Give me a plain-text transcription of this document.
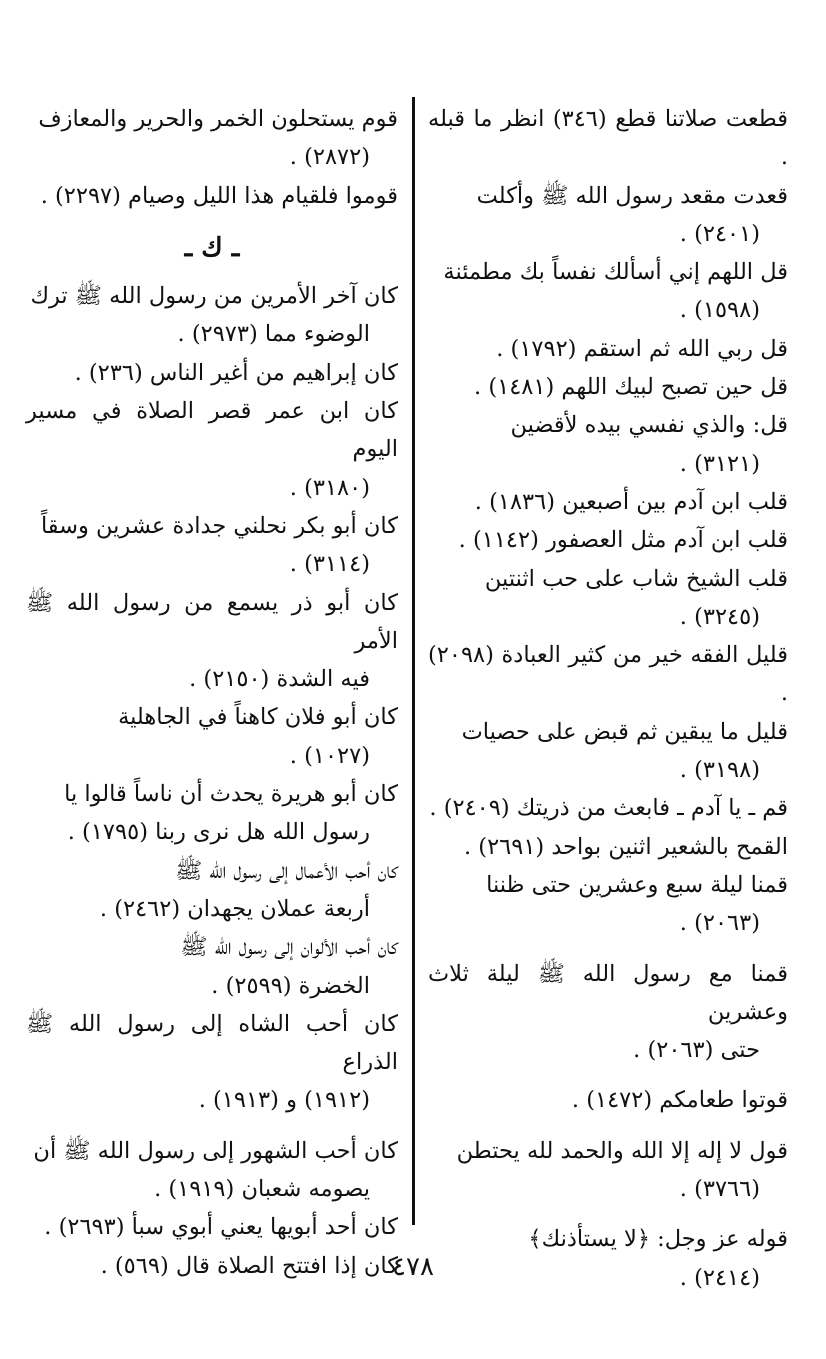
قطعت صلاتنا قطع (٣٤٦) انظر ما قبله .
قعدت مقعد رسول الله ﷺ وأكلت
(٢٤٠١) .
قل اللهم إني أسألك نفساً بك مطمئنة
(١٥٩٨) .
قل ربي الله ثم استقم (١٧٩٢) .
قل حين تصبح لبيك اللهم (١٤٨١) .
قل: والذي نفسي بيده لأقضين
(٣١٢١) .
قلب ابن آدم بين أصبعين (١٨٣٦) .
قلب ابن آدم مثل العصفور (١١٤٢) .
قلب الشيخ شاب على حب اثنتين
(٣٢٤٥) .
قليل الفقه خير من كثير العبادة (٢٠٩٨) .
قليل ما يبقين ثم قبض على حصيات
(٣١٩٨) .
قم ـ يا آدم ـ فابعث من ذريتك (٢٤٠٩) .
القمح بالشعير اثنين بواحد (٢٦٩١) .
قمنا ليلة سبع وعشرين حتى ظننا
(٢٠٦٣) .
قمنا مع رسول الله ﷺ ليلة ثلاث وعشرين
حتى (٢٠٦٣) .
قوتوا طعامكم (١٤٧٢) .
قول لا إله إلا الله والحمد لله يحتطن
(٣٧٦٦) .
قوله عز وجل: ﴿لا يستأذنك﴾
(٢٤١٤) .
قوم يستحلون الخمر والحرير والمعازف
(٢٨٧٢) .
قوموا فلقيام هذا الليل وصيام (٢٢٩٧) .
ـ ك ـ
كان آخر الأمرين من رسول الله ﷺ ترك
الوضوء مما (٢٩٧٣) .
كان إبراهيم من أغير الناس (٢٣٦) .
كان ابن عمر قصر الصلاة في مسير اليوم
(٣١٨٠) .
كان أبو بكر نحلني جدادة عشرين وسقاً
(٣١١٤) .
كان أبو ذر يسمع من رسول الله ﷺ الأمر
فيه الشدة (٢١٥٠) .
كان أبو فلان كاهناً في الجاهلية
(١٠٢٧) .
كان أبو هريرة يحدث أن ناساً قالوا يا
رسول الله هل نرى ربنا (١٧٩٥) .
كان أحب الأعمال إلى رسول الله ﷺ
أربعة عملان يجهدان (٢٤٦٢) .
كان أحب الألوان إلى رسول الله ﷺ
الخضرة (٢٥٩٩) .
كان أحب الشاه إلى رسول الله ﷺ الذراع
(١٩١٢) و (١٩١٣) .
كان أحب الشهور إلى رسول الله ﷺ أن
يصومه شعبان (١٩١٩) .
كان أحد أبويها يعني أبوي سبأ (٢٦٩٣) .
كان إذا افتتح الصلاة قال (٥٦٩) .
٤٧٨
